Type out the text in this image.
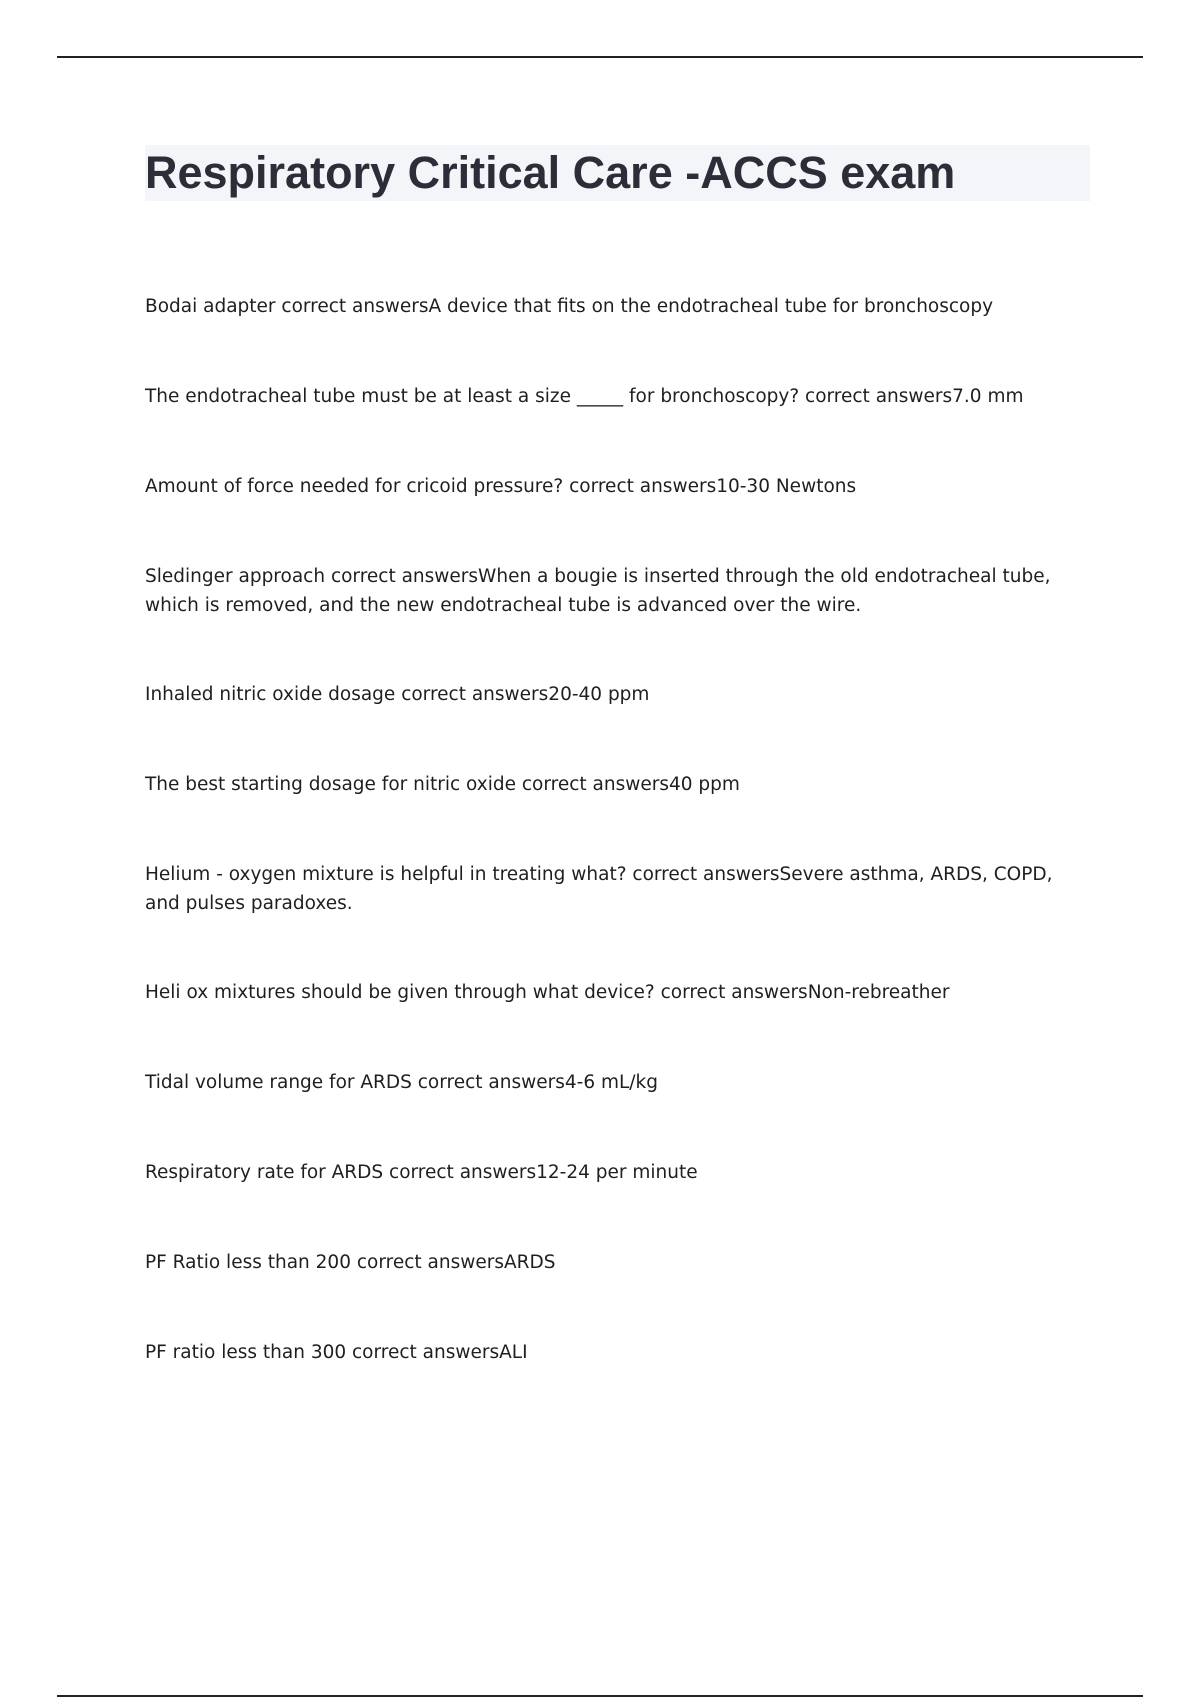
Respiratory Critical Care -ACCS exam

Bodai adapter correct answersA device that fits on the endotracheal tube for bronchoscopy

The endotracheal tube must be at least a size _____ for bronchoscopy? correct answers7.0 mm

Amount of force needed for cricoid pressure? correct answers10-30 Newtons

Sledinger approach correct answersWhen a bougie is inserted through the old endotracheal tube, which is removed, and the new endotracheal tube is advanced over the wire.

Inhaled nitric oxide dosage correct answers20-40 ppm

The best starting dosage for nitric oxide correct answers40 ppm

Helium - oxygen mixture is helpful in treating what? correct answersSevere asthma, ARDS, COPD, and pulses paradoxes.

Heli ox mixtures should be given through what device? correct answersNon-rebreather

Tidal volume range for ARDS correct answers4-6 mL/kg

Respiratory rate for ARDS correct answers12-24 per minute

PF Ratio less than 200 correct answersARDS

PF ratio less than 300 correct answersALI
